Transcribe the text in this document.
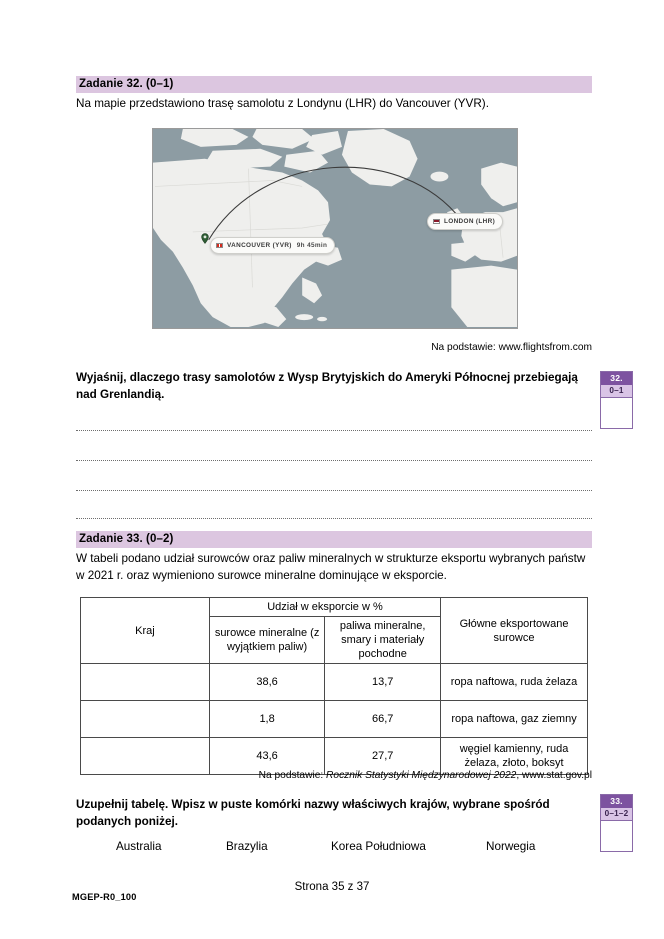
Zadanie 32. (0–1)
Na mapie przedstawiono trasę samolotu z Londynu (LHR) do Vancouver (YVR).
VANCOUVER (YVR) 9h 45min
LONDON (LHR)
Na podstawie: www.flightsfrom.com
Wyjaśnij, dlaczego trasy samolotów z Wysp Brytyjskich do Ameryki Północnej przebiegają nad Grenlandią.
32.
0–1
Zadanie 33. (0–2)
W tabeli podano udział surowców oraz paliw mineralnych w strukturze eksportu wybranych państw w 2021 r. oraz wymieniono surowce mineralne dominujące w eksporcie.
Kraj	Udział w eksporcie w %		Główne eksportowane surowce
	surowce mineralne (z wyjątkiem paliw)	paliwa mineralne, smary i materiały pochodne	
	38,6	13,7	ropa naftowa, ruda żelaza
	1,8	66,7	ropa naftowa, gaz ziemny
	43,6	27,7	węgiel kamienny, ruda żelaza, złoto, boksyt
Na podstawie: Rocznik Statystyki Międzynarodowej 2022, www.stat.gov.pl
Uzupełnij tabelę. Wpisz w puste komórki nazwy właściwych krajów, wybrane spośród podanych poniżej.
Australia	Brazylia	Korea Południowa	Norwegia
33.
0–1–2
MGEP-R0_100
Strona 35 z 37
